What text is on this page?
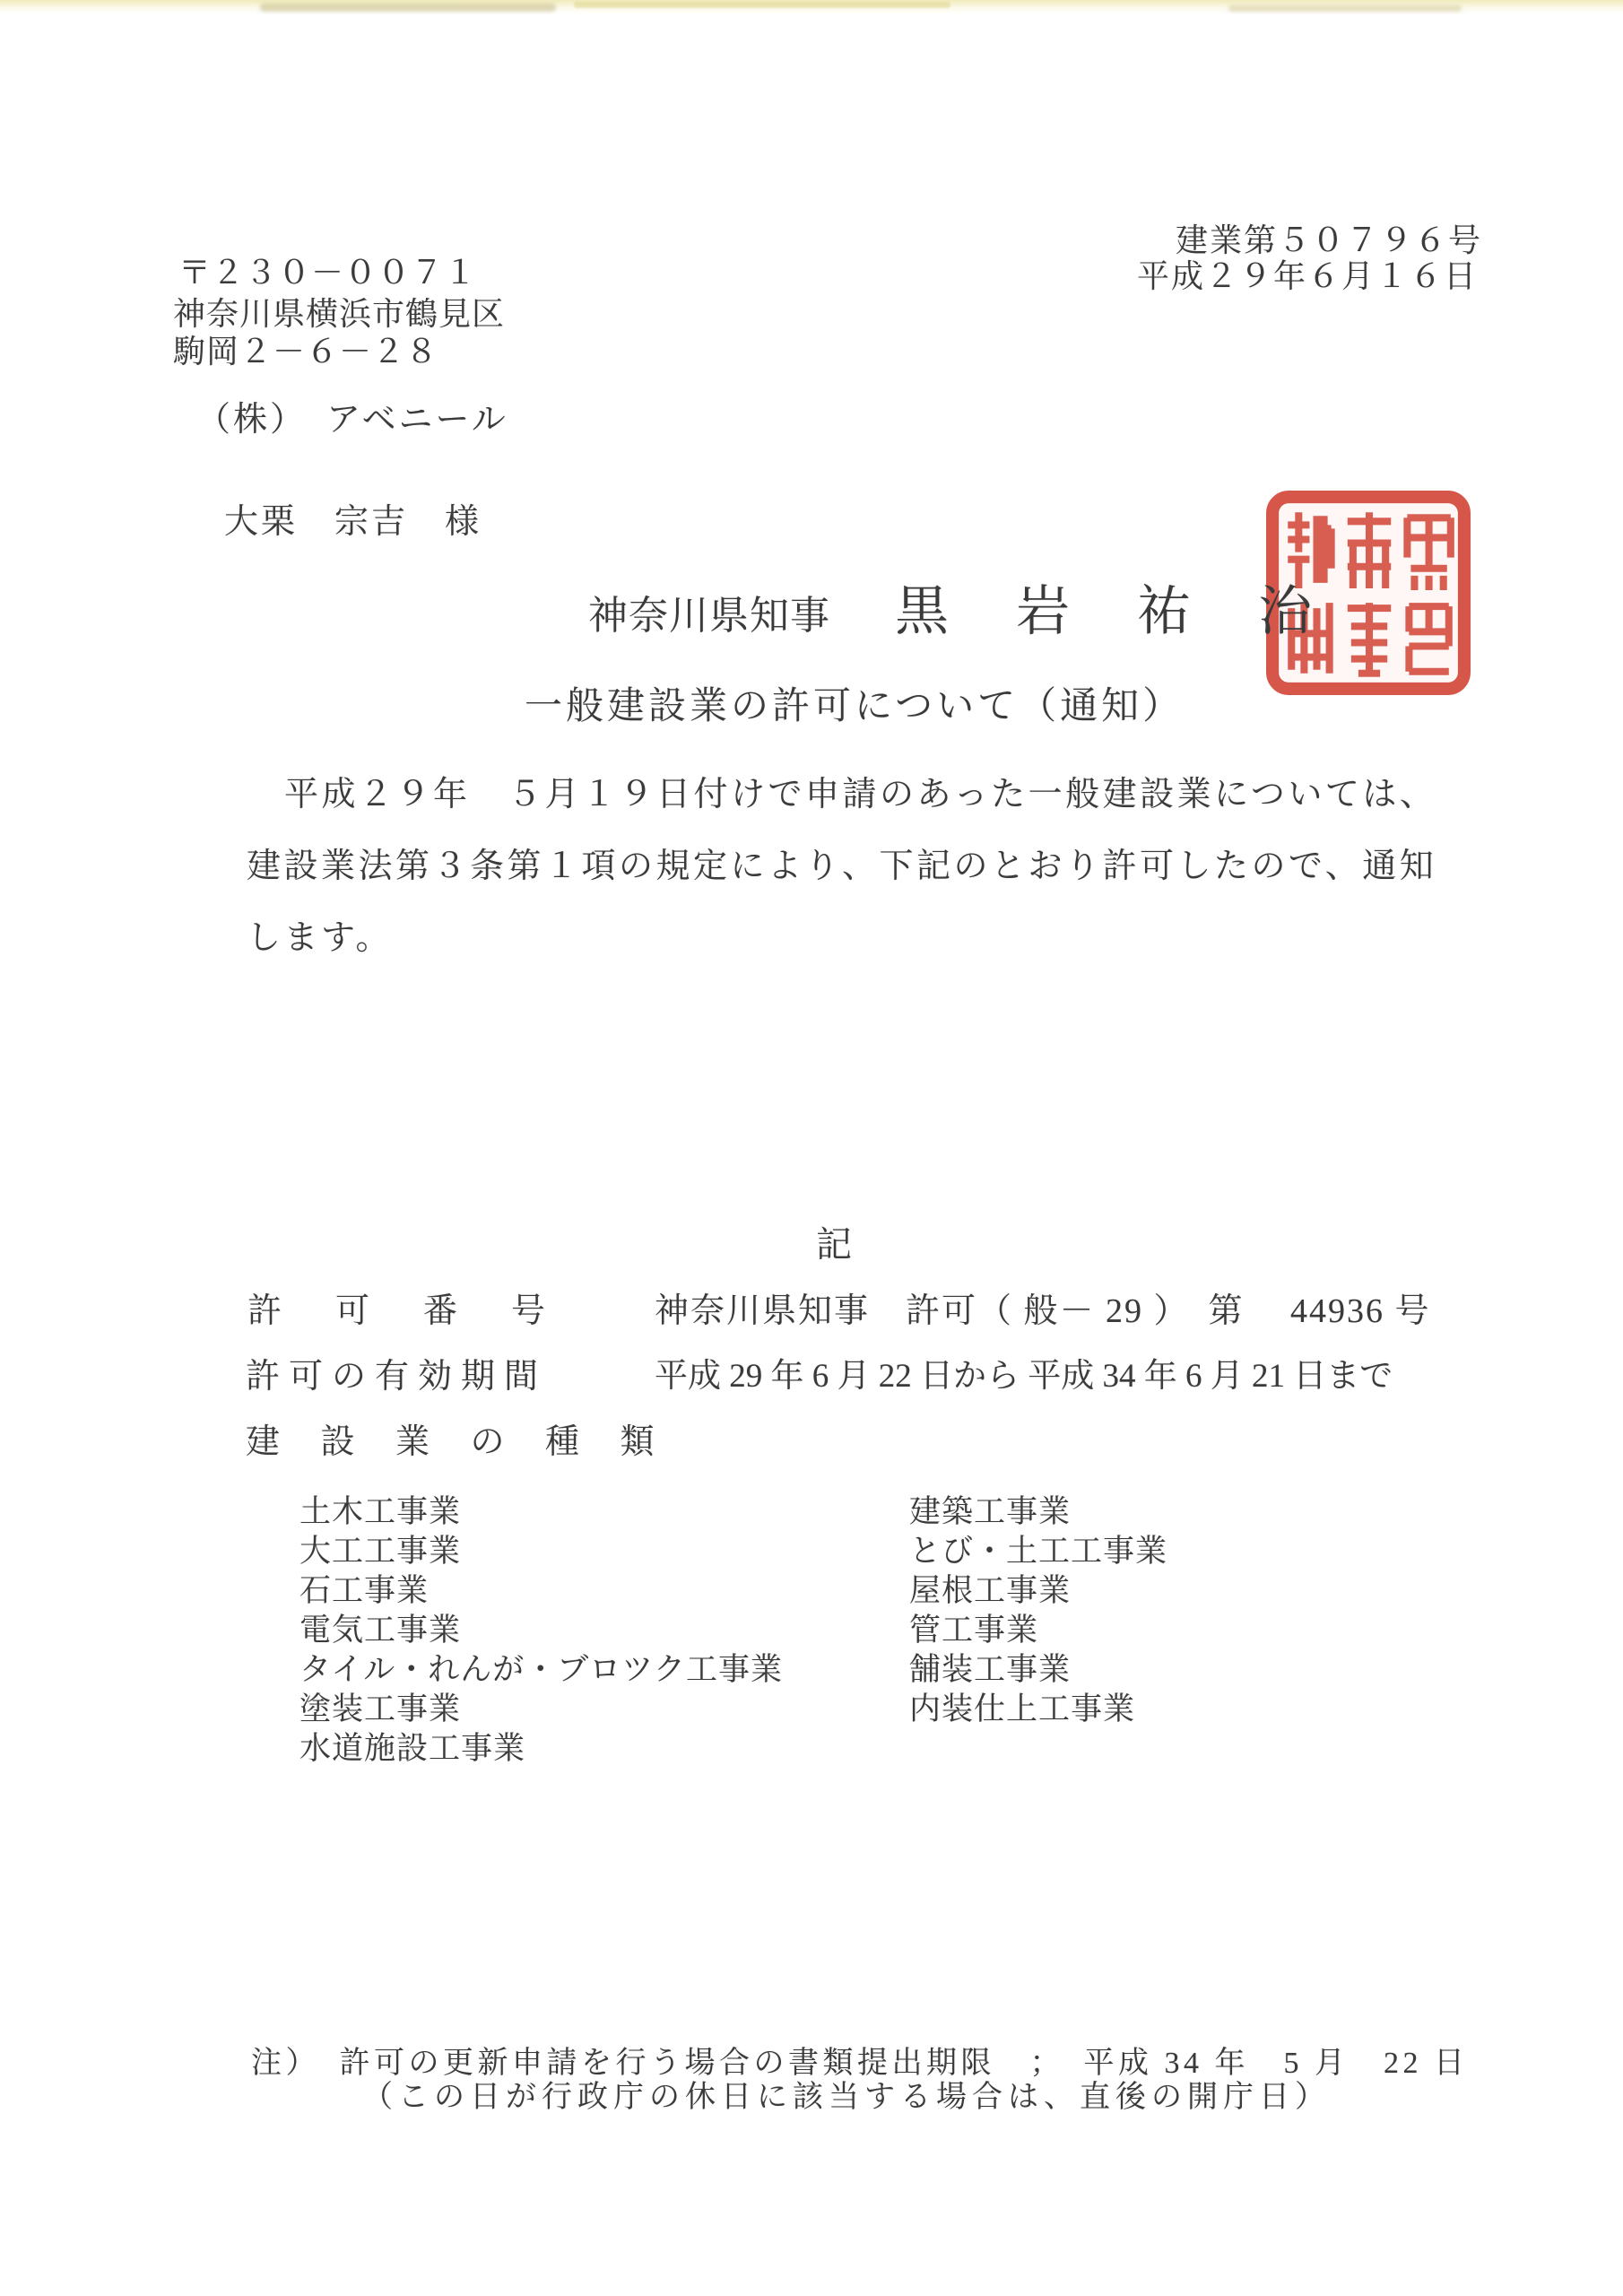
建業第５０７９６号
平成２９年６月１６日
〒２３０－００７１
神奈川県横浜市鶴見区
駒岡２－６－２８
（株）　アベニール
大栗　宗吉　様
神奈川県知事 黒岩祐治
一般建設業の許可について（通知）
平成２９年　５月１９日付けで申請のあった一般建設業については、
建設業法第３条第１項の規定により、下記のとおり許可したので、通知
します。
記
許　可　番　号	神奈川県知事　許可（ 般－ 29 ）　第　 44936 号
許可の有効期間	平成 29 年 6 月 22 日から 平成 34 年 6 月 21 日まで
建 設 業 の 種 類
土木工事業
大工工事業
石工事業
電気工事業
タイル・れんが・ブロツク工事業
塗装工事業
水道施設工事業
建築工事業
とび・土工工事業
屋根工事業
管工事業
舗装工事業
内装仕上工事業
注）　許可の更新申請を行う場合の書類提出期限　；　平成 34 年　5 月　22 日
（この日が行政庁の休日に該当する場合は、直後の開庁日）
